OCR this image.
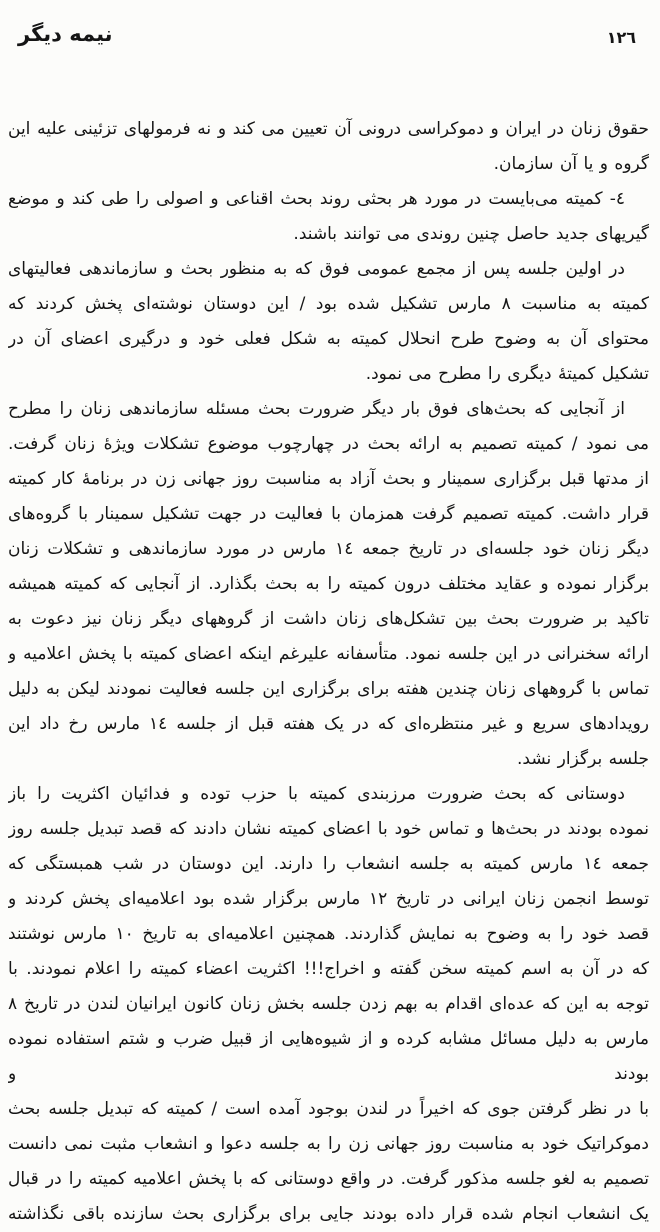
نیمه دیگر	١٢٦
حقوق زنان در ایران و دموکراسی درونی آن تعیین می کند و نه فرمولهای تزئینی علیه این
گروه و یا آن سازمان.
٤- کمیته می‌بایست در مورد هر بحثی روند بحث اقناعی و اصولی را طی کند و موضع
گیریهای جدید حاصل چنین روندی می توانند باشند.
در اولین جلسه پس از مجمع عمومی فوق که به منظور بحث و سازماندهی فعالیتهای
کمیته به مناسبت ٨ مارس تشکیل شده بود / این دوستان نوشته‌ای پخش کردند که
محتوای آن به وضوح طرح انحلال کمیته به شکل فعلی خود و درگیری اعضای آن در
تشکیل کمیتهٔ دیگری را مطرح می نمود.
از آنجایی که بحث‌های فوق بار دیگر ضرورت بحث مسئله سازماندهی زنان را مطرح
می نمود / کمیته تصمیم به ارائه بحث در چهارچوب موضوع تشکلات ویژهٔ زنان گرفت.
از مدتها قبل برگزاری سمینار و بحث آزاد به مناسبت روز جهانی زن در برنامهٔ کار کمیته
قرار داشت. کمیته تصمیم گرفت همزمان با فعالیت در جهت تشکیل سمینار با گروه‌های
دیگر زنان خود جلسه‌ای در تاریخ جمعه ١٤ مارس در مورد سازماندهی و تشکلات زنان
برگزار نموده و عقاید مختلف درون کمیته را به بحث بگذارد. از آنجایی که کمیته همیشه
تاکید بر ضرورت بحث بین تشکل‌های زنان داشت از گروههای دیگر زنان نیز دعوت به
ارائه سخنرانی در این جلسه نمود. متأسفانه علیرغم اینکه اعضای کمیته با پخش اعلامیه و
تماس با گروههای زنان چندین هفته برای برگزاری این جلسه فعالیت نمودند لیکن به دلیل
رویدادهای سریع و غیر منتظره‌ای که در یک هفته قبل از جلسه ١٤ مارس رخ داد این
جلسه برگزار نشد.
دوستانی که بحث ضرورت مرزبندی کمیته با حزب توده و فدائیان اکثریت را باز
نموده بودند در بحث‌ها و تماس خود با اعضای کمیته نشان دادند که قصد تبدیل جلسه روز
جمعه ١٤ مارس کمیته به جلسه انشعاب را دارند. این دوستان در شب همبستگی که
توسط انجمن زنان ایرانی در تاریخ ١٢ مارس برگزار شده بود اعلامیه‌ای پخش کردند و
قصد خود را به وضوح به نمایش گذاردند. همچنین اعلامیه‌ای به تاریخ ١٠ مارس نوشتند
که در آن به اسم کمیته سخن گفته و اخراج!!! اکثریت اعضاء کمیته را اعلام نمودند. با
توجه به این که عده‌ای اقدام به بهم زدن جلسه بخش زنان کانون ایرانیان لندن در تاریخ ٨
مارس به دلیل مسائل مشابه کرده و از شیوه‌هایی از قبیل ضرب و شتم استفاده نموده بودند و
با در نظر گرفتن جوی که اخیراً در لندن بوجود آمده است / کمیته که تبدیل جلسه بحث
دموکراتیک خود به مناسبت روز جهانی زن را به جلسه دعوا و انشعاب مثبت نمی دانست
تصمیم به لغو جلسه مذکور گرفت. در واقع دوستانی که با پخش اعلامیه کمیته را در قبال
یک انشعاب انجام شده قرار داده بودند جایی برای برگزاری بحث سازنده باقی نگذاشته
